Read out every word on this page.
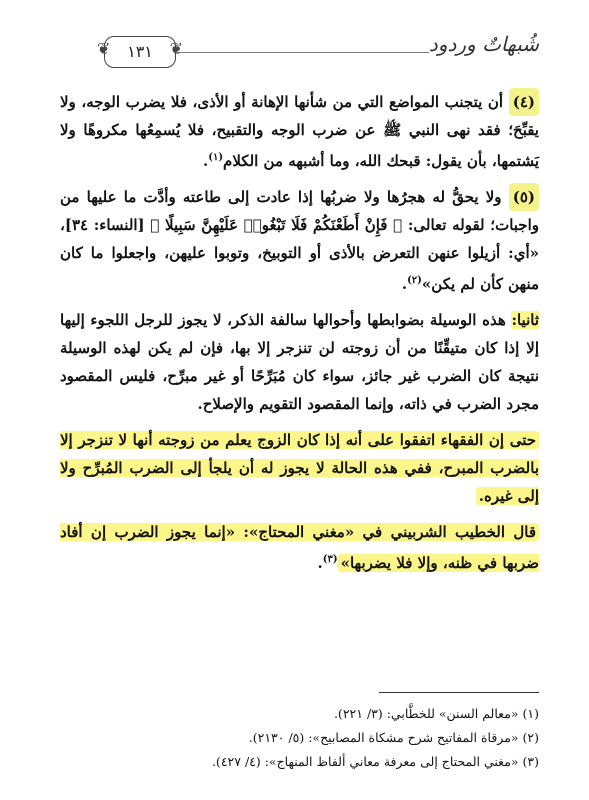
شُبهاتٌ وردود
❦
١٣١
❦
(٤) أن يتجنب المواضع التي من شأنها الإهانة أو الأذى، فلا يضرب الوجه، ولا يقبِّحَ؛ فقد نهى النبي ﷺ عن ضرب الوجه والتقبيح، فلا يُسمِعُها مكروهًا ولا يَشتمها، بأن يقول: قبحك الله، وما أشبهه من الكلام$^{(١)}$.
(٥) ولا يحقُّ له هجرُها ولا ضربُها إذا عادت إلى طاعته وأدَّت ما عليها من واجبات؛ لقوله تعالى: ﴿ فَإِنْ أَطَعْنَكُمْ فَلَا تَبْغُوا۟ عَلَيْهِنَّ سَبِيلًا ﴾ [النساء: ٣٤]، «أي: أزيلوا عنهن التعرض بالأذى أو التوبيخ، وتوبوا عليهن، واجعلوا ما كان منهن كأن لم يكن»$^{(٢)}$.
ثانيا: هذه الوسيلة بضوابطها وأحوالها سالفة الذكر، لا يجوز للرجل اللجوء إليها إلا إذا كان متيقِّنًا من أن زوجته لن تنزجر إلا بها، فإن لم يكن لهذه الوسيلة نتيجة كان الضرب غير جائز، سواء كان مُبَرِّحًا أو غير مبرِّح، فليس المقصود مجرد الضرب في ذاته، وإنما المقصود التقويم والإصلاح.
حتى إن الفقهاء اتفقوا على أنه إذا كان الزوج يعلم من زوجته أنها لا تنزجر إلا بالضرب المبرح، ففي هذه الحالة لا يجوز له أن يلجأ إلى الضرب المُبرِّح ولا إلى غيره.
قال الخطيب الشربيني في «مغني المحتاج»: «إنما يجوز الضرب إن أفاد ضربها في ظنه، وإلا فلا يضربها»$^{(٣)}$.
(١) «معالم السنن» للخطَّابي: (٣/ ٢٢١).
(٢) «مرقاة المفاتيح شرح مشكاة المصابيح»: (٥/ ٢١٣٠).
(٣) «مغني المحتاج إلى معرفة معاني ألفاظ المنهاج»: (٤/ ٤٢٧).
